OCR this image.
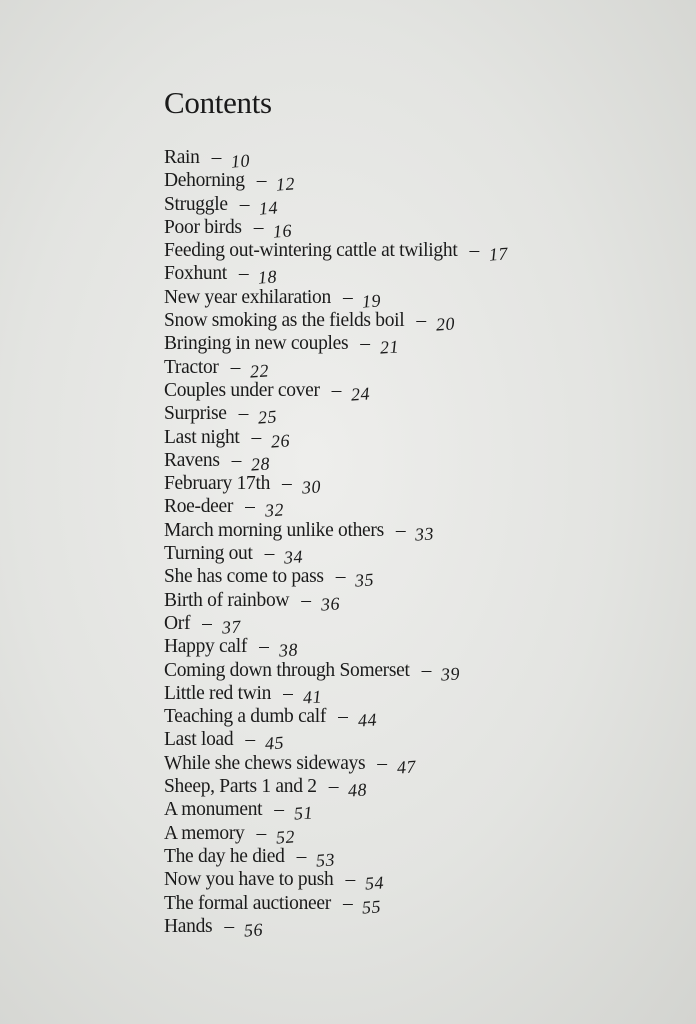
Contents
Rain – 10
Dehorning – 12
Struggle – 14
Poor birds – 16
Feeding out-wintering cattle at twilight – 17
Foxhunt – 18
New year exhilaration – 19
Snow smoking as the fields boil – 20
Bringing in new couples – 21
Tractor – 22
Couples under cover – 24
Surprise – 25
Last night – 26
Ravens – 28
February 17th – 30
Roe-deer – 32
March morning unlike others – 33
Turning out – 34
She has come to pass – 35
Birth of rainbow – 36
Orf – 37
Happy calf – 38
Coming down through Somerset – 39
Little red twin – 41
Teaching a dumb calf – 44
Last load – 45
While she chews sideways – 47
Sheep, Parts 1 and 2 – 48
A monument – 51
A memory – 52
The day he died – 53
Now you have to push – 54
The formal auctioneer – 55
Hands – 56
